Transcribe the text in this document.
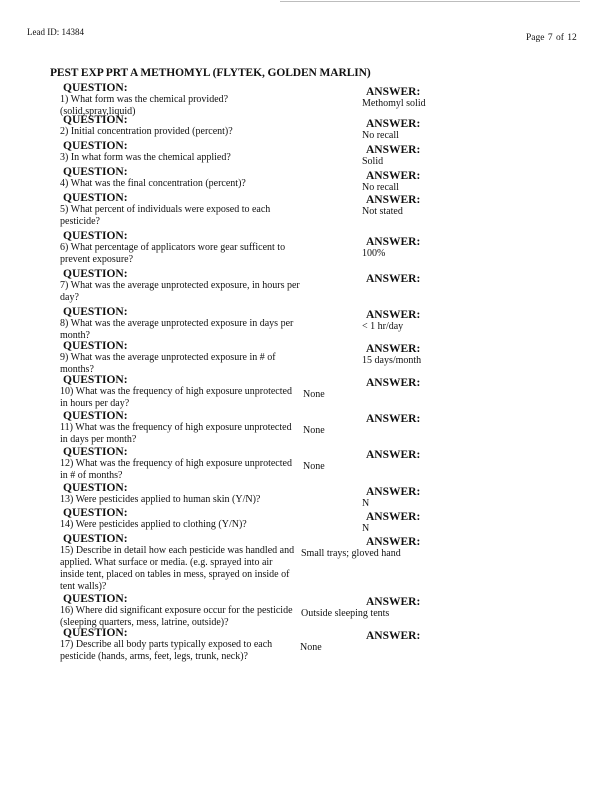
Lead ID: 14384
Page 7 of 12
PEST EXP PRT A METHOMYL (FLYTEK, GOLDEN MARLIN)
QUESTION:
1) What form was the chemical provided?(solid,spray,liquid)
ANSWER:
Methomyl solid
QUESTION:
2) Initial concentration provided (percent)?
ANSWER:
No recall
QUESTION:
3) In what form was the chemical applied?
ANSWER:
Solid
QUESTION:
4) What was the final concentration (percent)?
ANSWER:
No recall
QUESTION:
5) What percent of individuals were exposed to each pesticide?
ANSWER:
Not stated
QUESTION:
6) What percentage of applicators wore gear sufficent to prevent exposure?
ANSWER:
100%
QUESTION:
7) What was the average unprotected exposure, in hours per day?
ANSWER:
QUESTION:
8) What was the average unprotected exposure in days per month?
ANSWER:
< 1 hr/day
QUESTION:
9) What was the average unprotected exposure in # of months?
ANSWER:
15 days/month
QUESTION:
10) What was the frequency of high exposure unprotected in hours per day?
ANSWER:
None
QUESTION:
11) What was the frequency of high exposure unprotected in days per month?
ANSWER:
None
QUESTION:
12) What was the frequency of high exposure unprotected in # of months?
ANSWER:
None
QUESTION:
13) Were pesticides applied to human skin (Y/N)?
ANSWER:
N
QUESTION:
14) Were pesticides applied to clothing (Y/N)?
ANSWER:
N
QUESTION:
15) Describe in detail how each pesticide was handled and applied. What surface or media. (e.g. sprayed into air inside tent, placed on tables in mess, sprayed on inside of tent walls)?
ANSWER:
Small trays; gloved hand
QUESTION:
16) Where did significant exposure occur for the pesticide (sleeping quarters, mess, latrine, outside)?
ANSWER:
Outside sleeping tents
QUESTION:
17) Describe all body parts typically exposed to each pesticide (hands, arms, feet, legs, trunk, neck)?
ANSWER:
None
